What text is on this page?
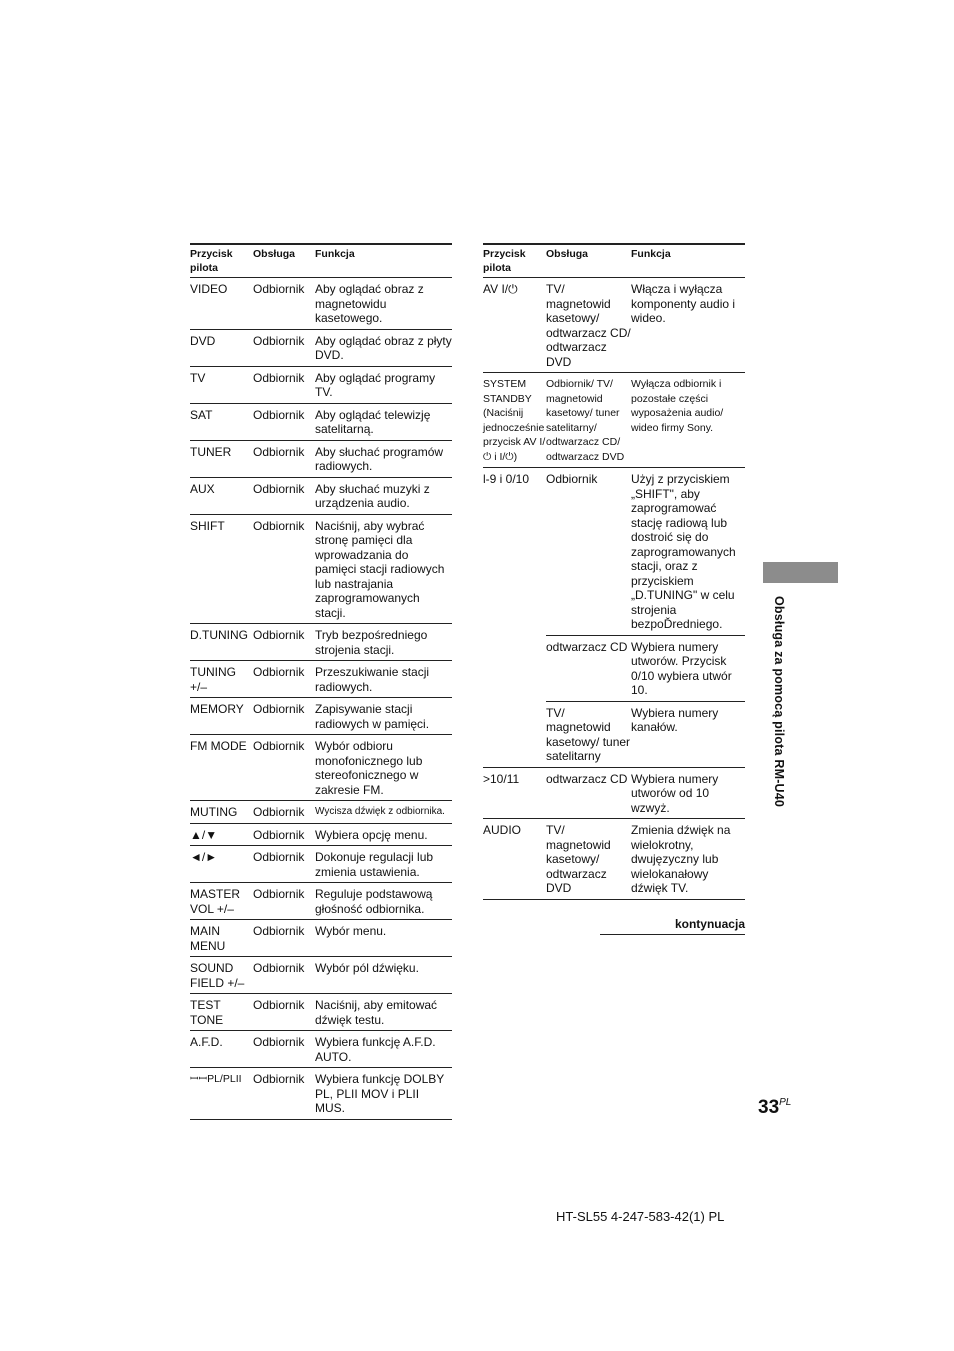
Przycisk pilota	Obsługa	Funkcja
VIDEO	Odbiornik	Aby oglądać obraz z magnetowidu kasetowego.
DVD	Odbiornik	Aby oglądać obraz z płyty DVD.
TV	Odbiornik	Aby oglądać programy TV.
SAT	Odbiornik	Aby oglądać telewizję satelitarną.
TUNER	Odbiornik	Aby słuchać programów radiowych.
AUX	Odbiornik	Aby słuchać muzyki z urządzenia audio.
SHIFT	Odbiornik	Naciśnij, aby wybrać stronę pamięci dla wprowadzania do pamięci stacji radiowych lub nastrajania zaprogramowanych stacji.
D.TUNING	Odbiornik	Tryb bezpośredniego strojenia stacji.
TUNING +/–	Odbiornik	Przeszukiwanie stacji radiowych.
MEMORY	Odbiornik	Zapisywanie stacji radiowych w pamięci.
FM MODE	Odbiornik	Wybór odbioru monofonicznego lub stereofonicznego w zakresie FM.
MUTING	Odbiornik	Wycisza dźwięk z odbiornika.
▲/▼	Odbiornik	Wybiera opcję menu.
◄/►	Odbiornik	Dokonuje regulacji lub zmienia ustawienia.
MASTER VOL +/–	Odbiornik	Reguluje podstawową głośność odbiornika.
MAIN MENU	Odbiornik	Wybór menu.
SOUND FIELD +/–	Odbiornik	Wybór pól dźwięku.
TEST TONE	Odbiornik	Naciśnij, aby emitować dźwięk testu.
A.F.D.	Odbiornik	Wybiera funkcję A.F.D. AUTO.
ꟷꟷPL/PLII	Odbiornik	Wybiera funkcję DOLBY PL, PLII MOV i PLII MUS.
Przycisk pilota	Obsługa	Funkcja
AV I/⏻	TV/ magnetowid kasetowy/ odtwarzacz CD/ odtwarzacz DVD	Włącza i wyłącza komponenty audio i wideo.
SYSTEM STANDBY (Naciśnij jednocześnie przycisk AV I/⏻ i I/⏻)	Odbiornik/ TV/ magnetowid kasetowy/ tuner satelitarny/ odtwarzacz CD/ odtwarzacz DVD	Wyłącza odbiornik i pozostałe części wyposażenia audio/ wideo firmy Sony.
l-9 i 0/10	Odbiornik	Użyj z przyciskiem „SHIFT", aby zaprogramować stację radiową lub dostroić się do zaprogramowanych stacji, oraz z przyciskiem „D.TUNING" w celu strojenia bezpoĎredniego.
	odtwarzacz CD	Wybiera numery utworów. Przycisk 0/10 wybiera utwór 10.
	TV/ magnetowid kasetowy/ tuner satelitarny	Wybiera numery kanałów.
>10/11	odtwarzacz CD	Wybiera numery utworów od 10 wzwyż.
AUDIO	TV/ magnetowid kasetowy/ odtwarzacz DVD	Zmienia dźwięk na wielokrotny, dwujęzyczny lub wielokanałowy dźwięk TV.
kontynuacja
Obsługa za pomocą pilota RM-U40
$33^{PL}$
HT-SL55 4-247-583-42(1) PL
